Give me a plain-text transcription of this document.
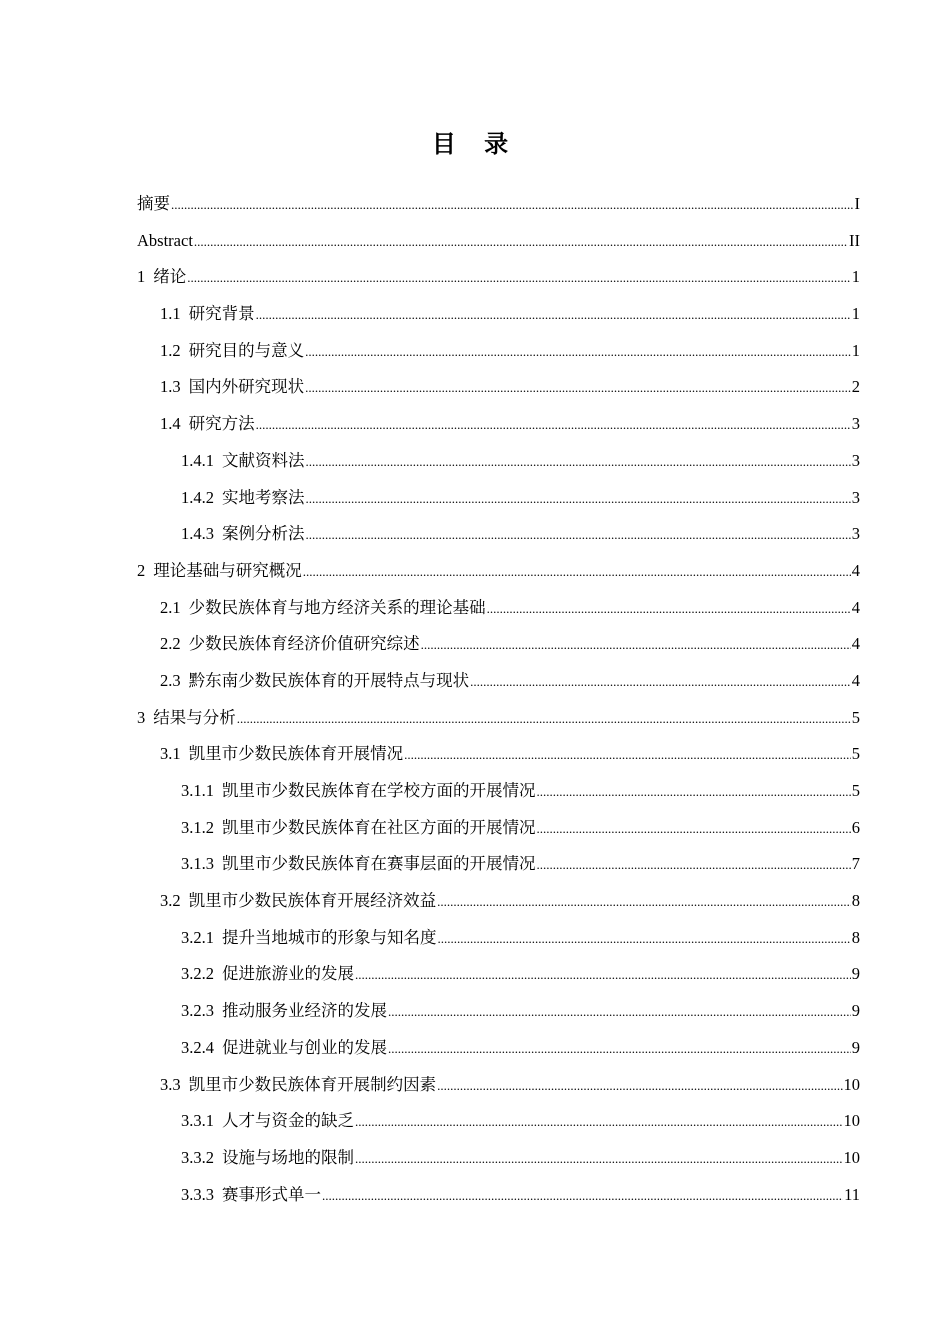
目 录
摘要 .....	I
Abstract .....	II
1 绪论 .....	1
1.1 研究背景 .....	1
1.2 研究目的与意义 .....	1
1.3 国内外研究现状 .....	2
1.4 研究方法 .....	3
1.4.1 文献资料法 .....	3
1.4.2 实地考察法 .....	3
1.4.3 案例分析法 .....	3
2 理论基础与研究概况 .....	4
2.1 少数民族体育与地方经济关系的理论基础 .....	4
2.2 少数民族体育经济价值研究综述 .....	4
2.3 黔东南少数民族体育的开展特点与现状 .....	4
3 结果与分析 .....	5
3.1 凯里市少数民族体育开展情况 .....	5
3.1.1 凯里市少数民族体育在学校方面的开展情况 .....	5
3.1.2 凯里市少数民族体育在社区方面的开展情况 .....	6
3.1.3 凯里市少数民族体育在赛事层面的开展情况 .....	7
3.2 凯里市少数民族体育开展经济效益 .....	8
3.2.1 提升当地城市的形象与知名度 .....	8
3.2.2 促进旅游业的发展 .....	9
3.2.3 推动服务业经济的发展 .....	9
3.2.4 促进就业与创业的发展 .....	9
3.3 凯里市少数民族体育开展制约因素 .....	10
3.3.1 人才与资金的缺乏 .....	10
3.3.2 设施与场地的限制 .....	10
3.3.3 赛事形式单一 .....	11
